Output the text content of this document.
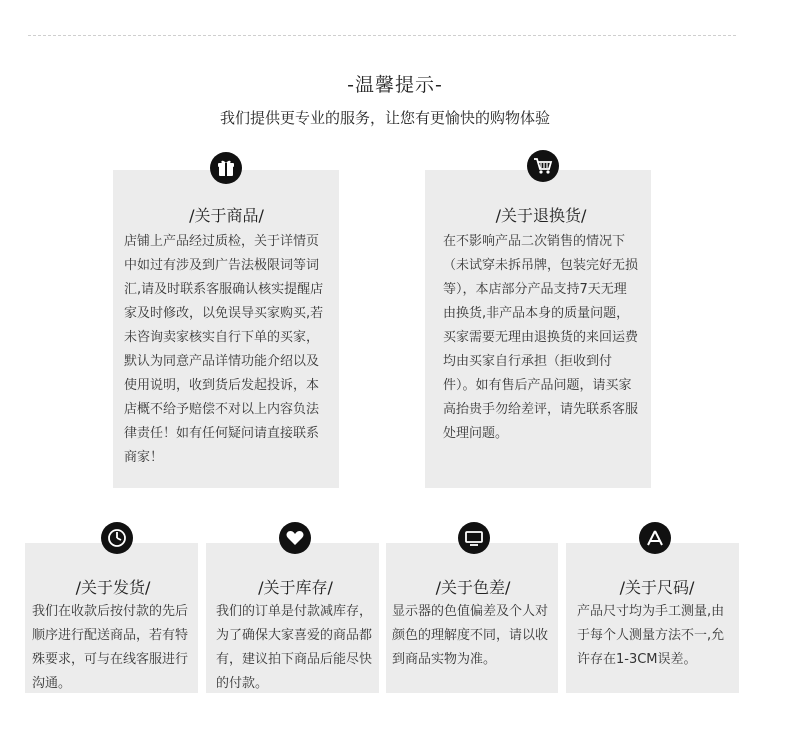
-温馨提示-
我们提供更专业的服务，让您有更愉快的购物体验
/关于商品/
店铺上产品经过质检，关于详情页中如过有涉及到广告法极限词等词汇,请及时联系客服确认核实提醒店家及时修改，以免误导买家购买,若未咨询卖家核实自行下单的买家，默认为同意产品详情功能介绍以及使用说明，收到货后发起投诉，本店概不给予赔偿不对以上内容负法律责任！如有任何疑问请直接联系商家！
/关于退换货/
在不影响产品二次销售的情况下（未试穿未拆吊牌，包装完好无损等），本店部分产品支持7天无理由换货,非产品本身的质量问题，买家需要无理由退换货的来回运费均由买家自行承担（拒收到付件）。如有售后产品问题，请买家高抬贵手勿给差评，请先联系客服处理问题。
/关于发货/
我们在收款后按付款的先后顺序进行配送商品，若有特殊要求，可与在线客服进行沟通。
/关于库存/
我们的订单是付款减库存，为了确保大家喜爱的商品都有，建议拍下商品后能尽快的付款。
/关于色差/
显示器的色值偏差及个人对颜色的理解度不同，请以收到商品实物为准。
/关于尺码/
产品尺寸均为手工测量,由于每个人测量方法不一,允许存在1-3CM误差。
